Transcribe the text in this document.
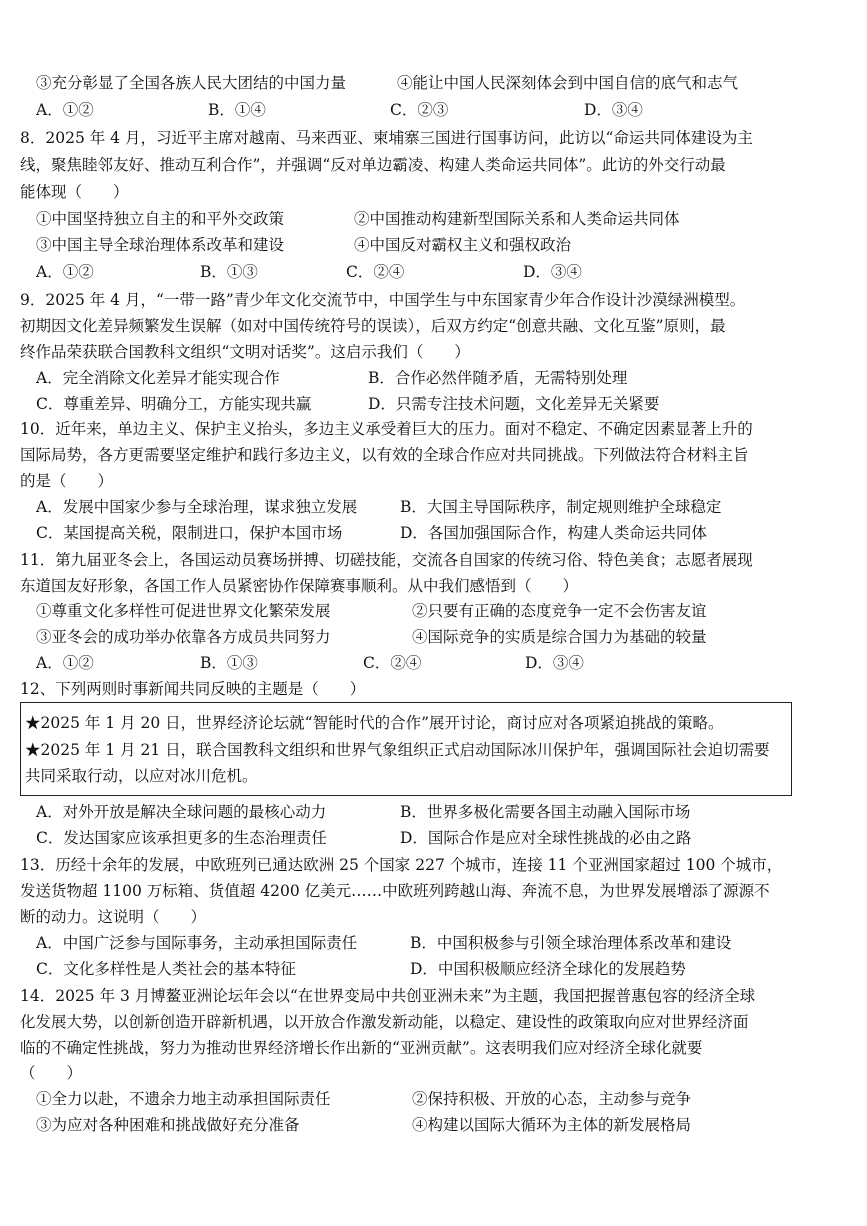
③充分彰显了全国各族人民大团结的中国力量	④能让中国人民深刻体会到中国自信的底气和志气
A．①②	B．①④	C．②③	D．③④
8．2025 年 4 月，习近平主席对越南、马来西亚、柬埔寨三国进行国事访问，此访以“命运共同体建设为主
线，聚焦睦邻友好、推动互利合作”，并强调“反对单边霸凌、构建人类命运共同体”。此访的外交行动最
能体现（　　）
①中国坚持独立自主的和平外交政策	②中国推动构建新型国际关系和人类命运共同体
③中国主导全球治理体系改革和建设	④中国反对霸权主义和强权政治
A．①②	B．①③	C．②④	D．③④
9．2025 年 4 月，“一带一路”青少年文化交流节中，中国学生与中东国家青少年合作设计沙漠绿洲模型。
初期因文化差异频繁发生误解（如对中国传统符号的误读），后双方约定“创意共融、文化互鉴”原则，最
终作品荣获联合国教科文组织“文明对话奖”。这启示我们（　　）
A．完全消除文化差异才能实现合作	B．合作必然伴随矛盾，无需特别处理
C．尊重差异、明确分工，方能实现共赢	D．只需专注技术问题，文化差异无关紧要
10．近年来，单边主义、保护主义抬头，多边主义承受着巨大的压力。面对不稳定、不确定因素显著上升的
国际局势，各方更需要坚定维护和践行多边主义，以有效的全球合作应对共同挑战。下列做法符合材料主旨
的是（　　）
A．发展中国家少参与全球治理，谋求独立发展	B．大国主导国际秩序，制定规则维护全球稳定
C．某国提高关税，限制进口，保护本国市场	D．各国加强国际合作，构建人类命运共同体
11．第九届亚冬会上，各国运动员赛场拼搏、切磋技能，交流各自国家的传统习俗、特色美食；志愿者展现
东道国友好形象，各国工作人员紧密协作保障赛事顺利。从中我们感悟到（　　）
①尊重文化多样性可促进世界文化繁荣发展	②只要有正确的态度竞争一定不会伤害友谊
③亚冬会的成功举办依靠各方成员共同努力	④国际竞争的实质是综合国力为基础的较量
A．①②	B．①③	C．②④	D．③④
12、下列两则时事新闻共同反映的主题是（　　）
★2025 年 1 月 20 日，世界经济论坛就“智能时代的合作”展开讨论，商讨应对各项紧迫挑战的策略。
★2025 年 1 月 21 日，联合国教科文组织和世界气象组织正式启动国际冰川保护年，强调国际社会迫切需要
共同采取行动，以应对冰川危机。
A．对外开放是解决全球问题的最核心动力	B．世界多极化需要各国主动融入国际市场
C．发达国家应该承担更多的生态治理责任	D．国际合作是应对全球性挑战的必由之路
13．历经十余年的发展，中欧班列已通达欧洲 25 个国家 227 个城市，连接 11 个亚洲国家超过 100 个城市，
发送货物超 1100 万标箱、货值超 4200 亿美元……中欧班列跨越山海、奔流不息，为世界发展增添了源源不
断的动力。这说明（　　）
A．中国广泛参与国际事务，主动承担国际责任	B．中国积极参与引领全球治理体系改革和建设
C．文化多样性是人类社会的基本特征	D．中国积极顺应经济全球化的发展趋势
14．2025 年 3 月博鳌亚洲论坛年会以“在世界变局中共创亚洲未来”为主题，我国把握普惠包容的经济全球
化发展大势，以创新创造开辟新机遇，以开放合作激发新动能，以稳定、建设性的政策取向应对世界经济面
临的不确定性挑战，努力为推动世界经济增长作出新的“亚洲贡献”。这表明我们应对经济全球化就要
（　　）
①全力以赴，不遗余力地主动承担国际责任	②保持积极、开放的心态，主动参与竞争
③为应对各种困难和挑战做好充分准备	④构建以国际大循环为主体的新发展格局
